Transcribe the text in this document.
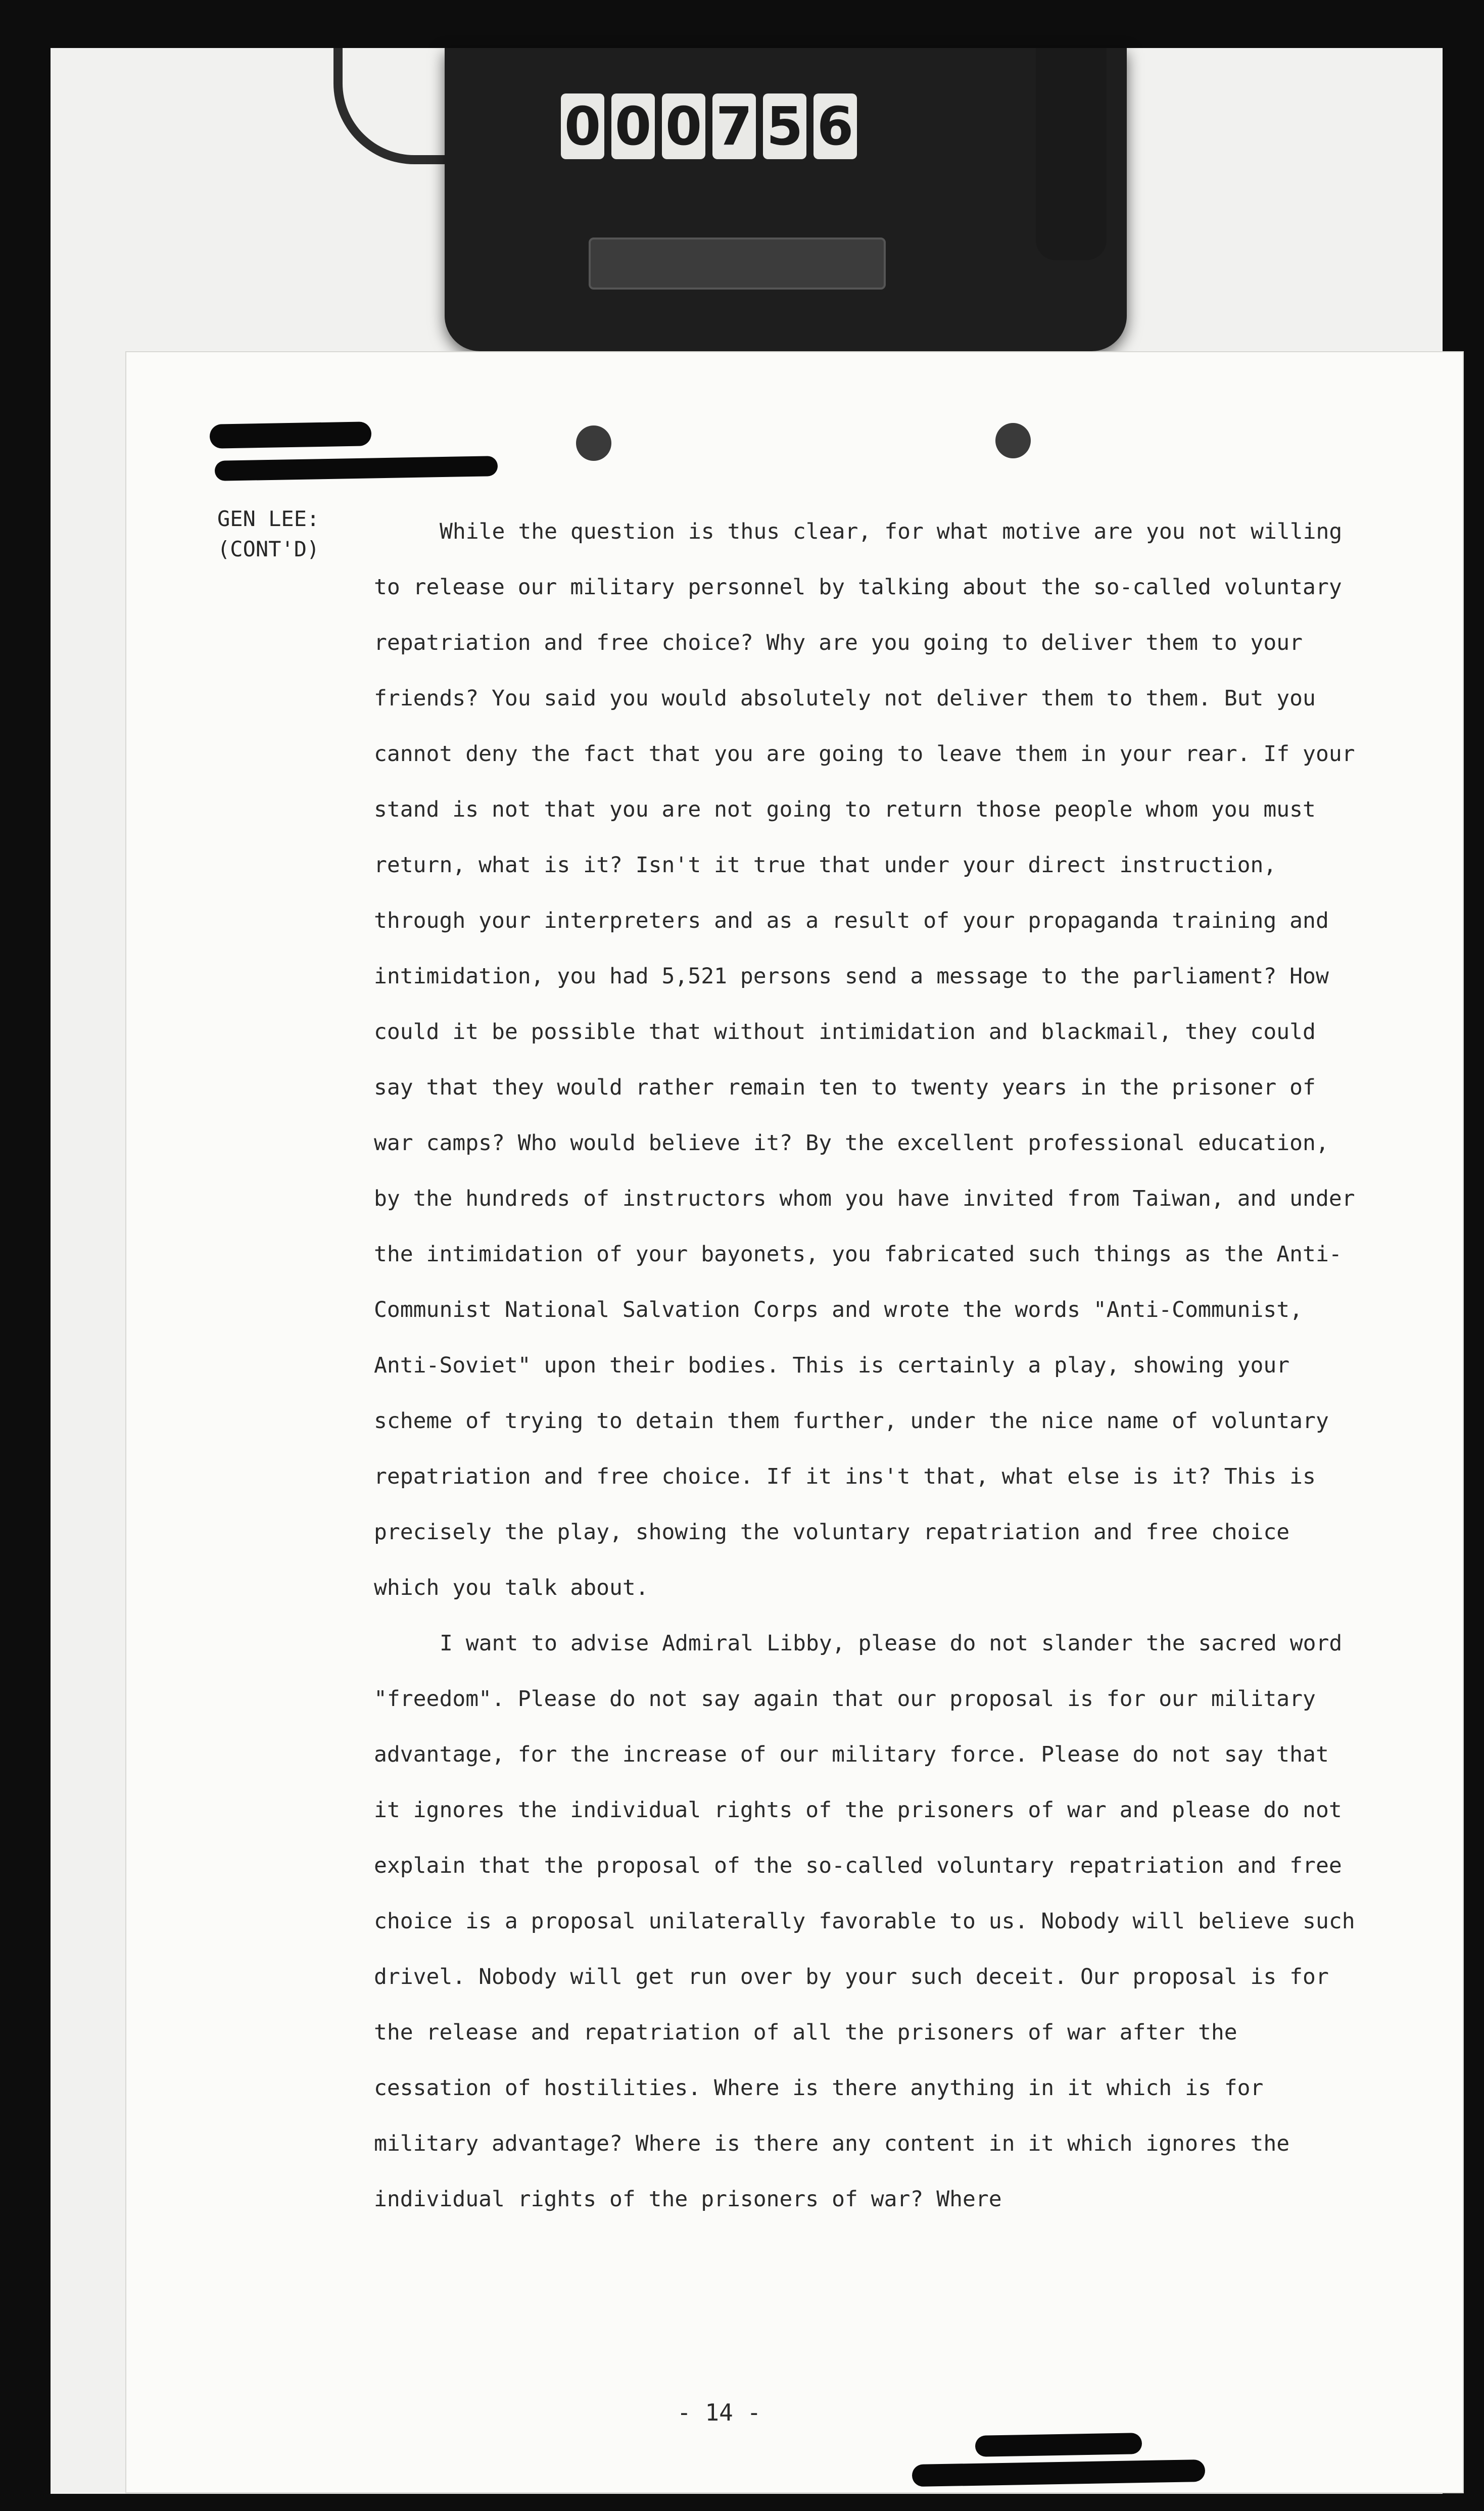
0 0 0 7 5 6
GEN LEE:
(CONT'D)

While the question is thus clear, for what motive are you not willing to release our military personnel by talking about the so-called voluntary repatriation and free choice? Why are you going to deliver them to your friends? You said you would absolutely not deliver them to them. But you cannot deny the fact that you are going to leave them in your rear. If your stand is not that you are not going to return those people whom you must return, what is it? Isn't it true that under your direct instruction, through your interpreters and as a result of your propaganda training and intimidation, you had 5,521 persons send a message to the parliament? How could it be possible that without intimidation and blackmail, they could say that they would rather remain ten to twenty years in the prisoner of war camps? Who would believe it? By the excellent professional education, by the hundreds of instructors whom you have invited from Taiwan, and under the intimidation of your bayonets, you fabricated such things as the Anti-Communist National Salvation Corps and wrote the words "Anti-Communist, Anti-Soviet" upon their bodies. This is certainly a play, showing your scheme of trying to detain them further, under the nice name of voluntary repatriation and free choice. If it ins't that, what else is it? This is precisely the play, showing the voluntary repatriation and free choice which you talk about.

I want to advise Admiral Libby, please do not slander the sacred word "freedom". Please do not say again that our proposal is for our military advantage, for the increase of our military force. Please do not say that it ignores the individual rights of the prisoners of war and please do not explain that the proposal of the so-called voluntary repatriation and free choice is a proposal unilaterally favorable to us. Nobody will believe such drivel. Nobody will get run over by your such deceit. Our proposal is for the release and repatriation of all the prisoners of war after the cessation of hostilities. Where is there anything in it which is for military advantage? Where is there any content in it which ignores the individual rights of the prisoners of war? Where

- 14 -
